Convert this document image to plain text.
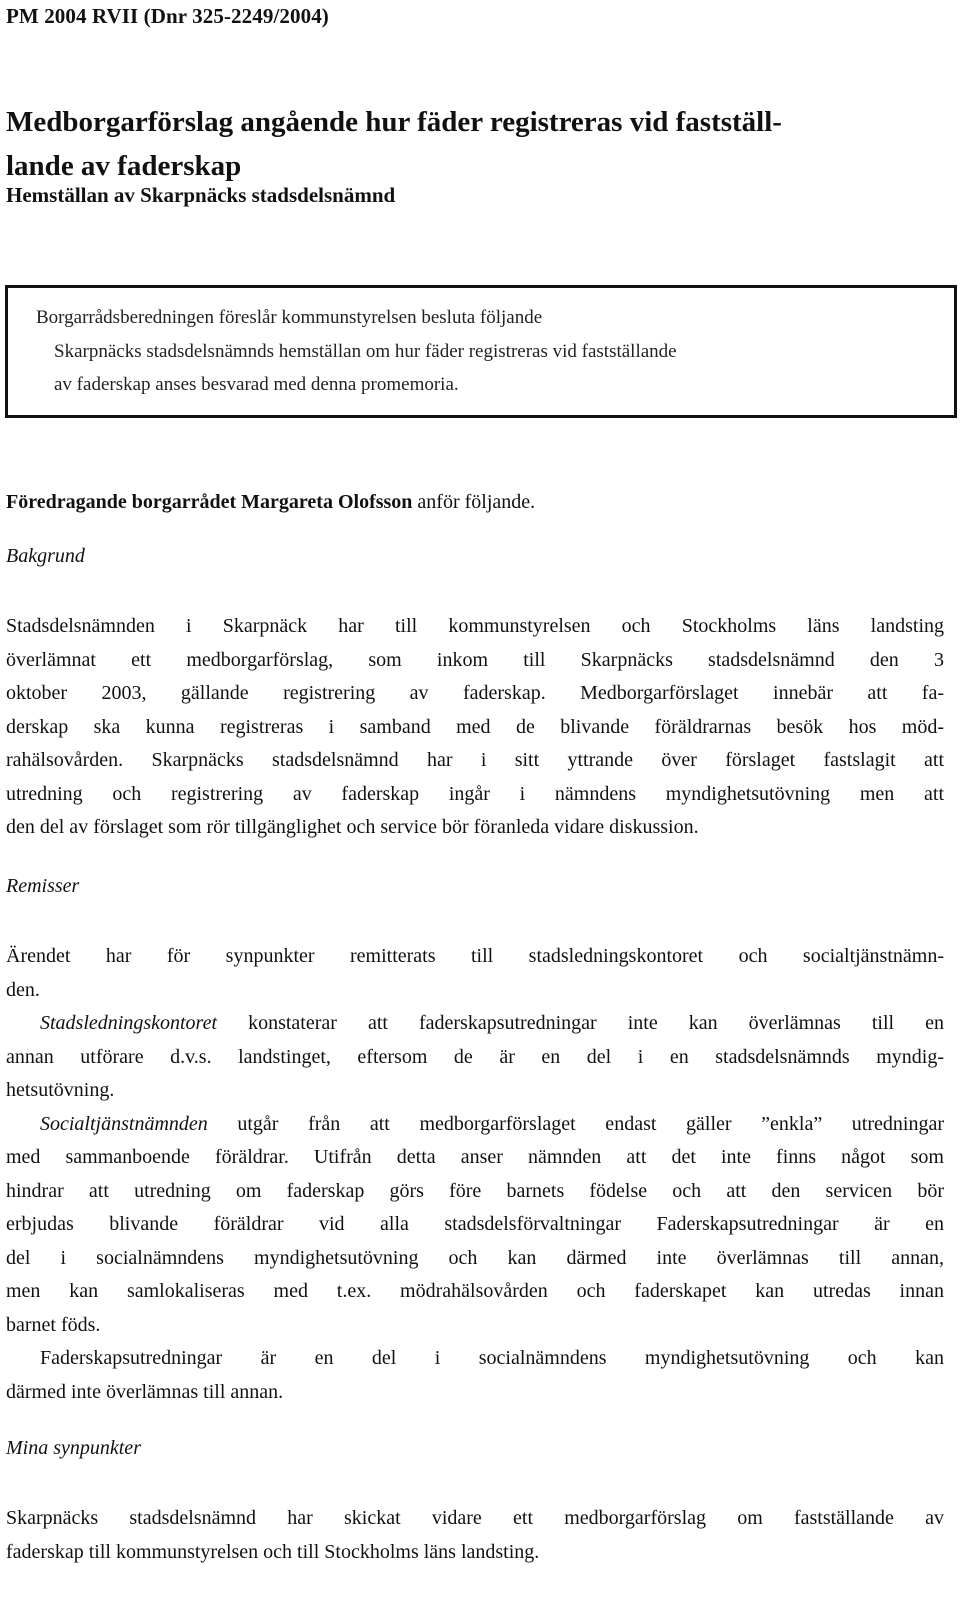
PM 2004 RVII (Dnr 325-2249/2004)
Medborgarförslag angående hur fäder registreras vid fastställ-
lande av faderskap
Hemställan av Skarpnäcks stadsdelsnämnd
Borgarrådsberedningen föreslår kommunstyrelsen besluta följande
Skarpnäcks stadsdelsnämnds hemställan om hur fäder registreras vid fastställande
av faderskap anses besvarad med denna promemoria.
Föredragande borgarrådet Margareta Olofsson anför följande.
Bakgrund
Stadsdelsnämnden i Skarpnäck har till kommunstyrelsen och Stockholms läns landsting
överlämnat ett medborgarförslag, som inkom till Skarpnäcks stadsdelsnämnd den 3
oktober 2003, gällande registrering av faderskap. Medborgarförslaget innebär att fa-
derskap ska kunna registreras i samband med de blivande föräldrarnas besök hos möd-
rahälsovården. Skarpnäcks stadsdelsnämnd har i sitt yttrande över förslaget fastslagit att
utredning och registrering av faderskap ingår i nämndens myndighetsutövning men att
den del av förslaget som rör tillgänglighet och service bör föranleda vidare diskussion.
Remisser
Ärendet har för synpunkter remitterats till stadsledningskontoret och socialtjänstnämn-
den.
Stadsledningskontoret konstaterar att faderskapsutredningar inte kan överlämnas till en
annan utförare d.v.s. landstinget, eftersom de är en del i en stadsdelsnämnds myndig-
hetsutövning.
Socialtjänstnämnden utgår från att medborgarförslaget endast gäller ”enkla” utredningar
med sammanboende föräldrar. Utifrån detta anser nämnden att det inte finns något som
hindrar att utredning om faderskap görs före barnets födelse och att den servicen bör
erbjudas blivande föräldrar vid alla stadsdelsförvaltningar Faderskapsutredningar är en
del i socialnämndens myndighetsutövning och kan därmed inte överlämnas till annan,
men kan samlokaliseras med t.ex. mödrahälsovården och faderskapet kan utredas innan
barnet föds.
Faderskapsutredningar är en del i socialnämndens myndighetsutövning och kan
därmed inte överlämnas till annan.
Mina synpunkter
Skarpnäcks stadsdelsnämnd har skickat vidare ett medborgarförslag om fastställande av
faderskap till kommunstyrelsen och till Stockholms läns landsting.
